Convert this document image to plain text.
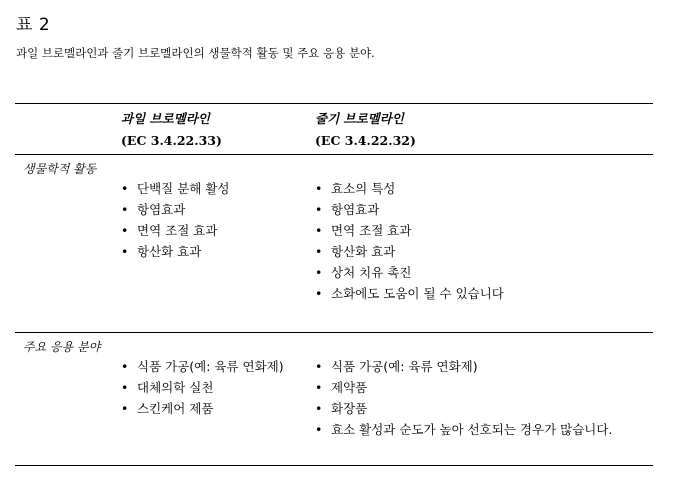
표 2
과일 브로멜라인과 줄기 브로멜라인의 생물학적 활동 및 주요 응용 분야.
과일 브로멜라인
(EC 3.4.22.33)
줄기 브로멜라인
(EC 3.4.22.32)
생물학적 활동
• 단백질 분해 활성
• 항염효과
• 면역 조절 효과
• 항산화 효과
• 효소의 특성
• 항염효과
• 면역 조절 효과
• 항산화 효과
• 상처 치유 촉진
• 소화에도 도움이 될 수 있습니다
주요 응용 분야
• 식품 가공(예: 육류 연화제)
• 대체의학 실천
• 스킨케어 제품
• 식품 가공(예: 육류 연화제)
• 제약품
• 화장품
• 효소 활성과 순도가 높아 선호되는 경우가 많습니다.
